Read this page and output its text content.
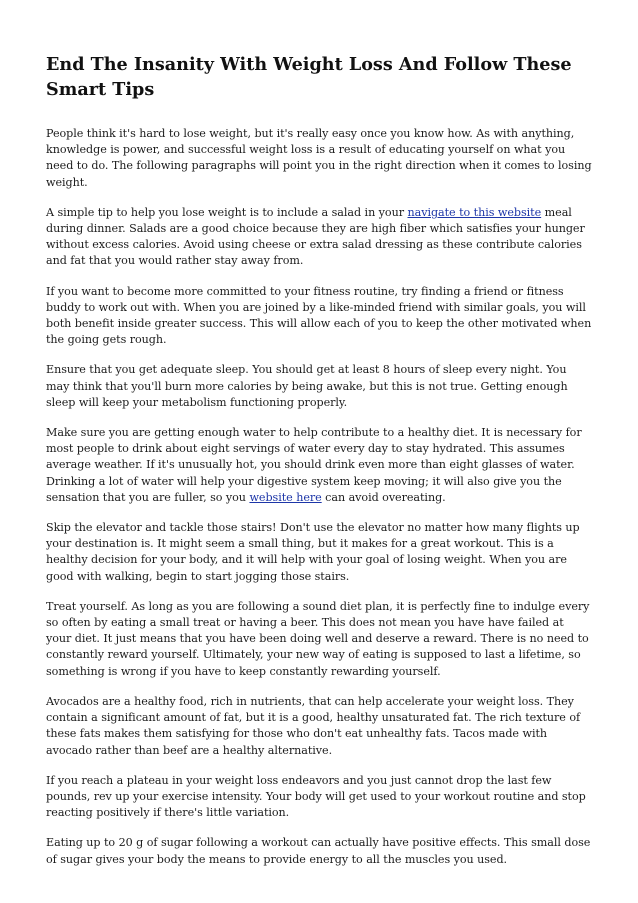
End The Insanity With Weight Loss And Follow These Smart Tips

People think it's hard to lose weight, but it's really easy once you know how. As with anything, knowledge is power, and successful weight loss is a result of educating yourself on what you need to do. The following paragraphs will point you in the right direction when it comes to losing weight.

A simple tip to help you lose weight is to include a salad in your navigate to this website meal during dinner. Salads are a good choice because they are high fiber which satisfies your hunger without excess calories. Avoid using cheese or extra salad dressing as these contribute calories and fat that you would rather stay away from.

If you want to become more committed to your fitness routine, try finding a friend or fitness buddy to work out with. When you are joined by a like-minded friend with similar goals, you will both benefit inside greater success. This will allow each of you to keep the other motivated when the going gets rough.

Ensure that you get adequate sleep. You should get at least 8 hours of sleep every night. You may think that you'll burn more calories by being awake, but this is not true. Getting enough sleep will keep your metabolism functioning properly.

Make sure you are getting enough water to help contribute to a healthy diet. It is necessary for most people to drink about eight servings of water every day to stay hydrated. This assumes average weather. If it's unusually hot, you should drink even more than eight glasses of water. Drinking a lot of water will help your digestive system keep moving; it will also give you the sensation that you are fuller, so you website here can avoid overeating.

Skip the elevator and tackle those stairs! Don't use the elevator no matter how many flights up your destination is. It might seem a small thing, but it makes for a great workout. This is a healthy decision for your body, and it will help with your goal of losing weight. When you are good with walking, begin to start jogging those stairs.

Treat yourself. As long as you are following a sound diet plan, it is perfectly fine to indulge every so often by eating a small treat or having a beer. This does not mean you have have failed at your diet. It just means that you have been doing well and deserve a reward. There is no need to constantly reward yourself. Ultimately, your new way of eating is supposed to last a lifetime, so something is wrong if you have to keep constantly rewarding yourself.

Avocados are a healthy food, rich in nutrients, that can help accelerate your weight loss. They contain a significant amount of fat, but it is a good, healthy unsaturated fat. The rich texture of these fats makes them satisfying for those who don't eat unhealthy fats. Tacos made with avocado rather than beef are a healthy alternative.

If you reach a plateau in your weight loss endeavors and you just cannot drop the last few pounds, rev up your exercise intensity. Your body will get used to your workout routine and stop reacting positively if there's little variation.

Eating up to 20 g of sugar following a workout can actually have positive effects. This small dose of sugar gives your body the means to provide energy to all the muscles you used.
